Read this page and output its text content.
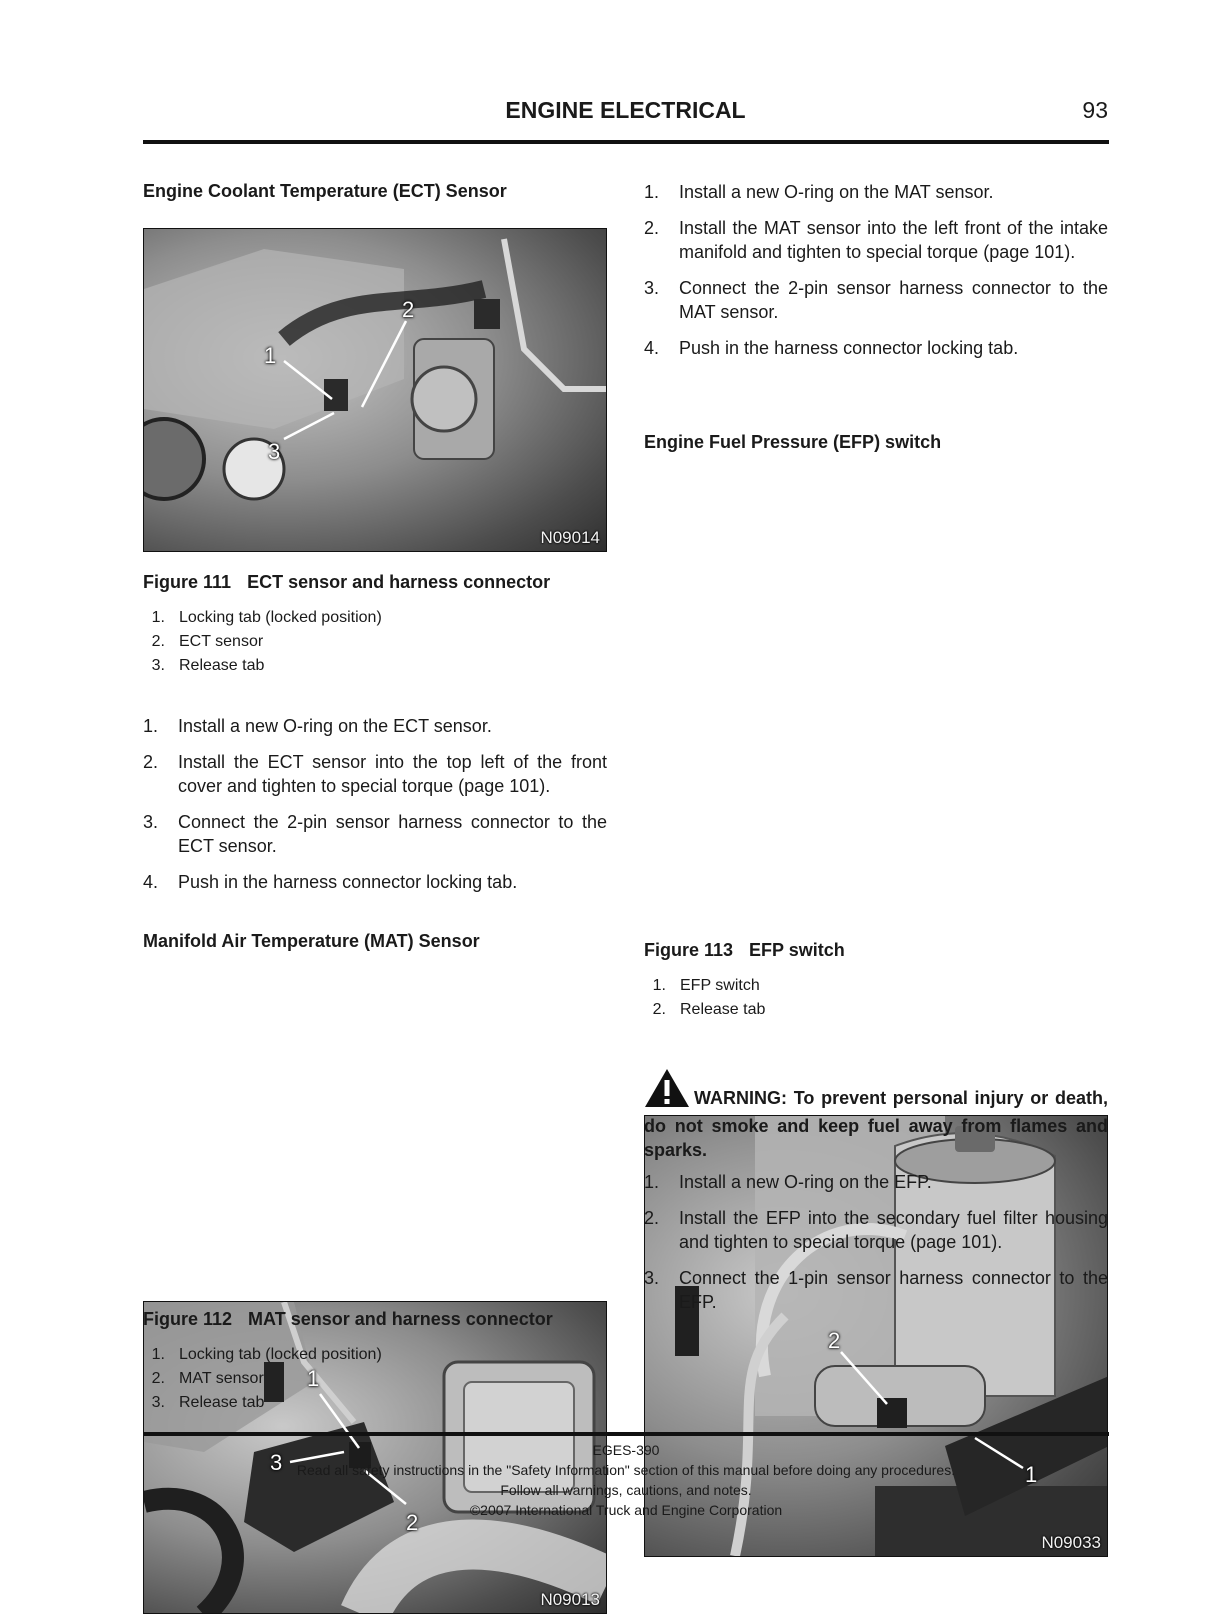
ENGINE ELECTRICAL	93
Engine Coolant Temperature (ECT) Sensor
1
2
3
N09014
Figure 111 ECT sensor and harness connector
1. Locking tab (locked position)
2. ECT sensor
3. Release tab
1.	Install a new O-ring on the ECT sensor.
2.	Install the ECT sensor into the top left of the front cover and tighten to special torque (page 101).
3.	Connect the 2-pin sensor harness connector to the ECT sensor.
4.	Push in the harness connector locking tab.
Manifold Air Temperature (MAT) Sensor
1
2
3
N09013
Figure 112 MAT sensor and harness connector
1. Locking tab (locked position)
2. MAT sensor
3. Release tab
1.	Install a new O-ring on the MAT sensor.
2.	Install the MAT sensor into the left front of the intake manifold and tighten to special torque (page 101).
3.	Connect the 2-pin sensor harness connector to the MAT sensor.
4.	Push in the harness connector locking tab.
Engine Fuel Pressure (EFP) switch
2
1
N09033
Figure 113 EFP switch
1. EFP switch
2. Release tab
WARNING: To prevent personal injury or death, do not smoke and keep fuel away from flames and sparks.
1.	Install a new O-ring on the EFP.
2.	Install the EFP into the secondary fuel filter housing and tighten to special torque (page 101).
3.	Connect the 1-pin sensor harness connector to the EFP.
EGES-390
Read all safety instructions in the "Safety Information" section of this manual before doing any procedures.
Follow all warnings, cautions, and notes.
©2007 International Truck and Engine Corporation
